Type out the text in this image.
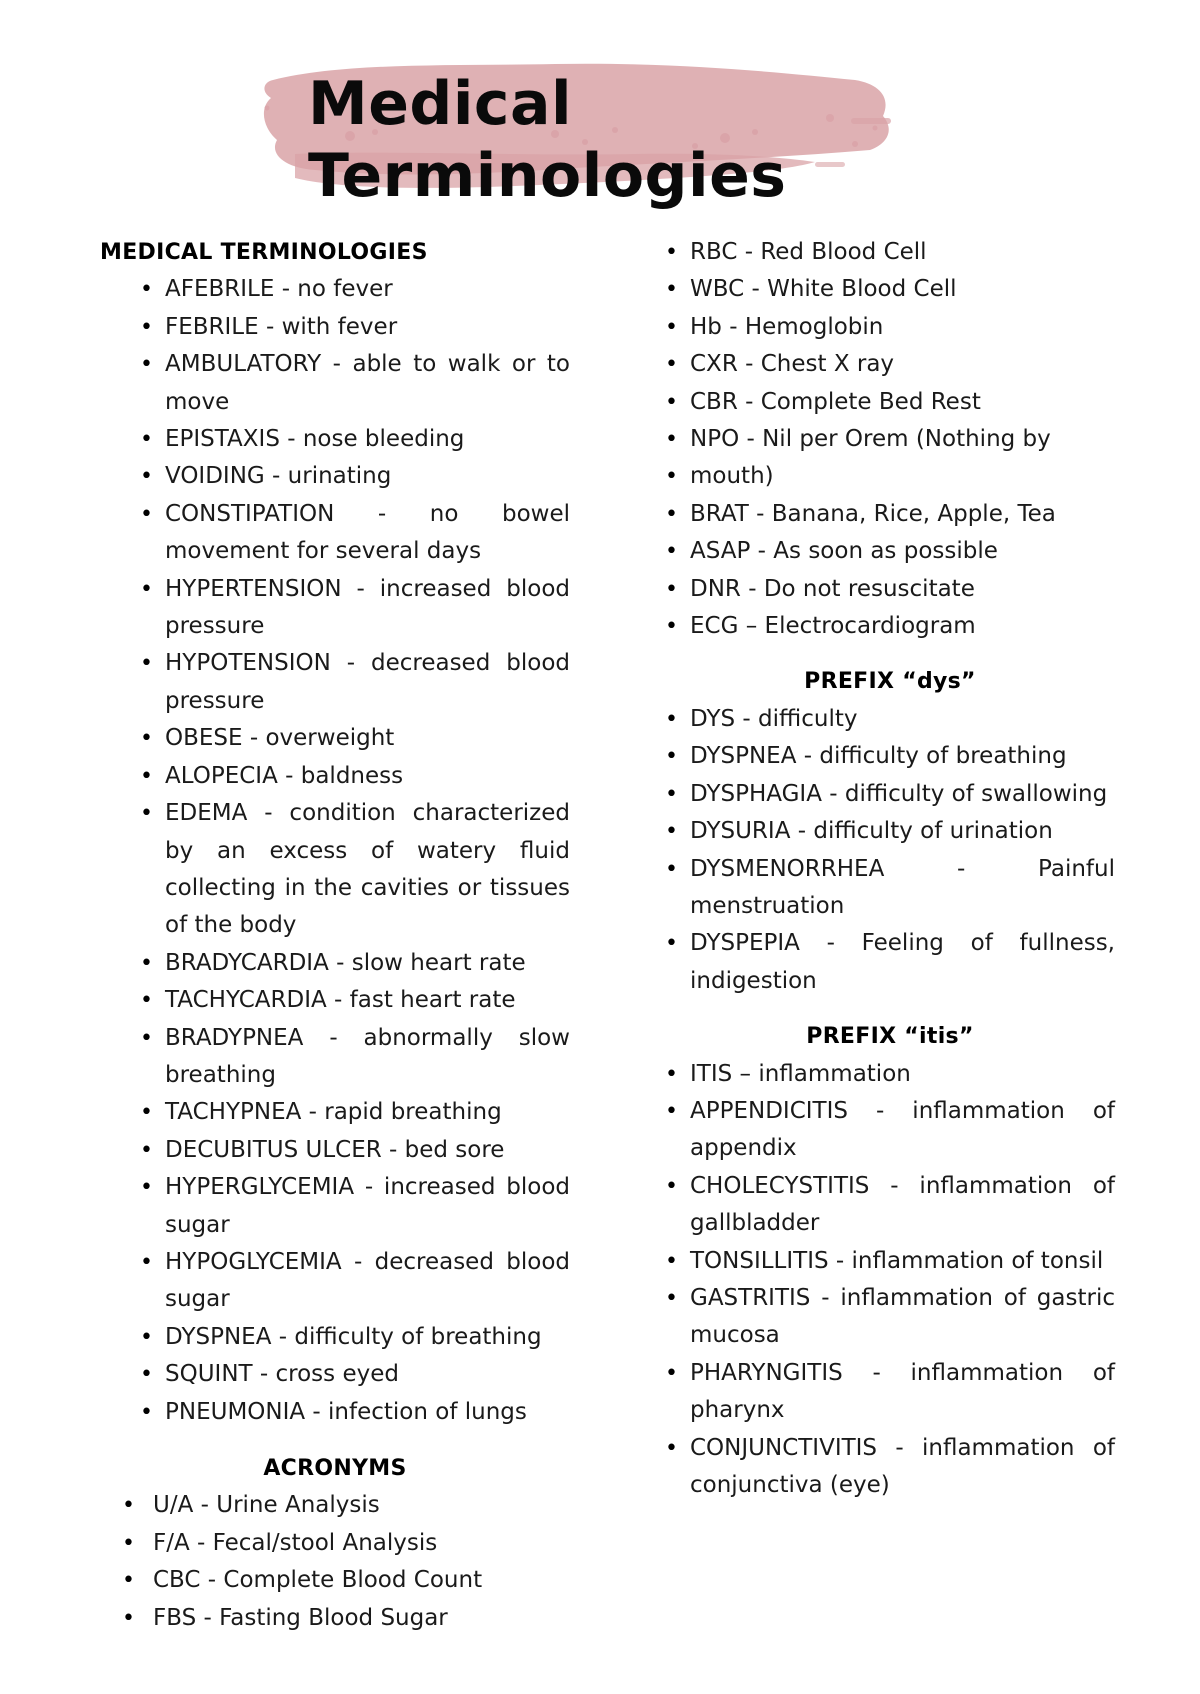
Medical
Terminologies
MEDICAL TERMINOLOGIES
• AFEBRILE - no fever
• FEBRILE - with fever
• AMBULATORY - able to walk or to move
• EPISTAXIS - nose bleeding
• VOIDING - urinating
• CONSTIPATION - no bowel movement for several days
• HYPERTENSION - increased blood pressure
• HYPOTENSION - decreased blood pressure
• OBESE - overweight
• ALOPECIA - baldness
• EDEMA - condition characterized by an excess of watery fluid collecting in the cavities or tissues of the body
• BRADYCARDIA - slow heart rate
• TACHYCARDIA - fast heart rate
• BRADYPNEA - abnormally slow breathing
• TACHYPNEA - rapid breathing
• DECUBITUS ULCER - bed sore
• HYPERGLYCEMIA - increased blood sugar
• HYPOGLYCEMIA - decreased blood sugar
• DYSPNEA - difficulty of breathing
• SQUINT - cross eyed
• PNEUMONIA - infection of lungs
ACRONYMS
• U/A - Urine Analysis
• F/A - Fecal/stool Analysis
• CBC - Complete Blood Count
• FBS - Fasting Blood Sugar
• RBC - Red Blood Cell
• WBC - White Blood Cell
• Hb - Hemoglobin
• CXR - Chest X ray
• CBR - Complete Bed Rest
• NPO - Nil per Orem (Nothing by
• mouth)
• BRAT - Banana, Rice, Apple, Tea
• ASAP - As soon as possible
• DNR - Do not resuscitate
• ECG – Electrocardiogram
PREFIX “dys”
• DYS - difficulty
• DYSPNEA - difficulty of breathing
• DYSPHAGIA - difficulty of swallowing
• DYSURIA - difficulty of urination
• DYSMENORRHEA - Painful menstruation
• DYSPEPIA - Feeling of fullness, indigestion
PREFIX “itis”
• ITIS – inflammation
• APPENDICITIS - inflammation of appendix
• CHOLECYSTITIS - inflammation of gallbladder
• TONSILLITIS - inflammation of tonsil
• GASTRITIS - inflammation of gastric mucosa
• PHARYNGITIS - inflammation of pharynx
• CONJUNCTIVITIS - inflammation of conjunctiva (eye)
